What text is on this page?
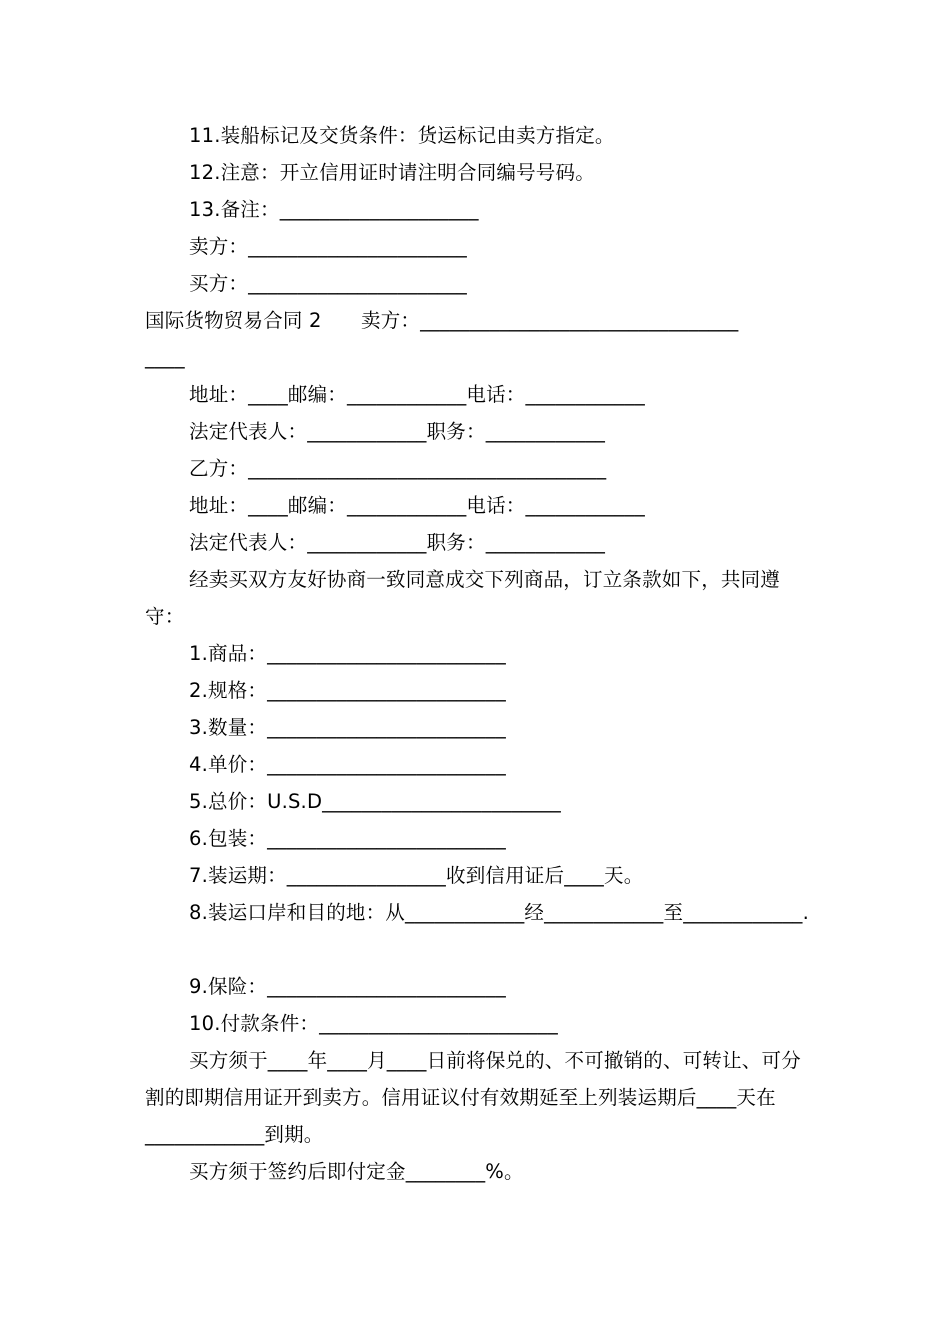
11.装船标记及交货条件：货运标记由卖方指定。
12.注意：开立信用证时请注明合同编号号码。
13.备注：____________________
卖方：______________________
买方：______________________
国际货物贸易合同 2　　卖方：________________________________
____
地址：____邮编：____________电话：____________
法定代表人：____________职务：____________
乙方：____________________________________
地址：____邮编：____________电话：____________
法定代表人：____________职务：____________
经卖买双方友好协商一致同意成交下列商品，订立条款如下，共同遵守：
1.商品：________________________
2.规格：________________________
3.数量：________________________
4.单价：________________________
5.总价：U.S.D________________________
6.包装：________________________
7.装运期：________________收到信用证后____天。
8.装运口岸和目的地：从____________经____________至____________.
9.保险：________________________
10.付款条件：________________________
买方须于____年____月____日前将保兑的、不可撤销的、可转让、可分割的即期信用证开到卖方。信用证议付有效期延至上列装运期后____天在____________到期。
买方须于签约后即付定金________%。
